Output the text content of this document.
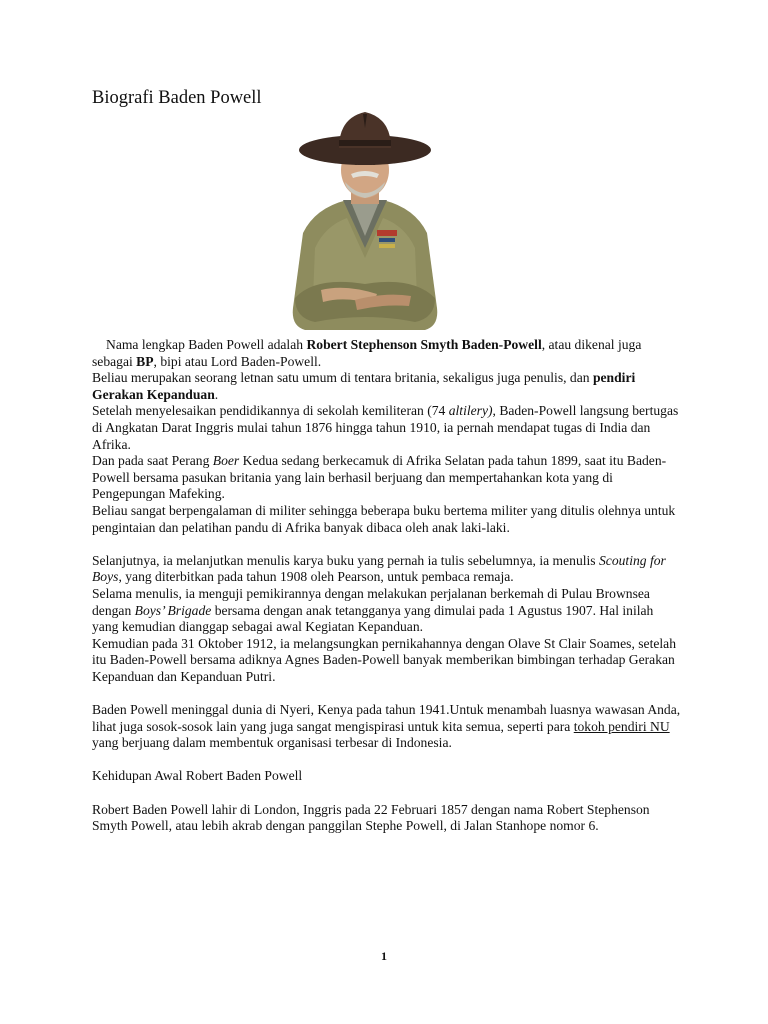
Biografi Baden Powell

Nama lengkap Baden Powell adalah Robert Stephenson Smyth Baden-Powell, atau dikenal juga sebagai BP, bipi atau Lord Baden-Powell.

Beliau merupakan seorang letnan satu umum di tentara britania, sekaligus juga penulis, dan pendiri Gerakan Kepanduan.

Setelah menyelesaikan pendidikannya di sekolah kemiliteran (74 altilery), Baden-Powell langsung bertugas di Angkatan Darat Inggris mulai tahun 1876 hingga tahun 1910, ia pernah mendapat tugas di India dan Afrika.

Dan pada saat Perang Boer Kedua sedang berkecamuk di Afrika Selatan pada tahun 1899, saat itu Baden-Powell bersama pasukan britania yang lain berhasil berjuang dan mempertahankan kota yang di Pengepungan Mafeking.

Beliau sangat berpengalaman di militer sehingga beberapa buku bertema militer yang ditulis olehnya untuk pengintaian dan pelatihan pandu di Afrika banyak dibaca oleh anak laki-laki.

Selanjutnya, ia melanjutkan menulis karya buku yang pernah ia tulis sebelumnya, ia menulis Scouting for Boys, yang diterbitkan pada tahun 1908 oleh Pearson, untuk pembaca remaja.

Selama menulis, ia menguji pemikirannya dengan melakukan perjalanan berkemah di Pulau Brownsea dengan Boys’ Brigade bersama dengan anak tetangganya yang dimulai pada 1 Agustus 1907. Hal inilah yang kemudian dianggap sebagai awal Kegiatan Kepanduan.

Kemudian pada 31 Oktober 1912, ia melangsungkan pernikahannya dengan Olave St Clair Soames, setelah itu Baden-Powell bersama adiknya Agnes Baden-Powell banyak memberikan bimbingan terhadap Gerakan Kepanduan dan Kepanduan Putri.

Baden Powell meninggal dunia di Nyeri, Kenya pada tahun 1941.Untuk menambah luasnya wawasan Anda, lihat juga sosok-sosok lain yang juga sangat mengispirasi untuk kita semua, seperti para tokoh pendiri NU yang berjuang dalam membentuk organisasi terbesar di Indonesia.

Kehidupan Awal Robert Baden Powell

Robert Baden Powell lahir di London, Inggris pada 22 Februari 1857 dengan nama Robert Stephenson Smyth Powell, atau lebih akrab dengan panggilan Stephe Powell, di Jalan Stanhope nomor 6.

1
